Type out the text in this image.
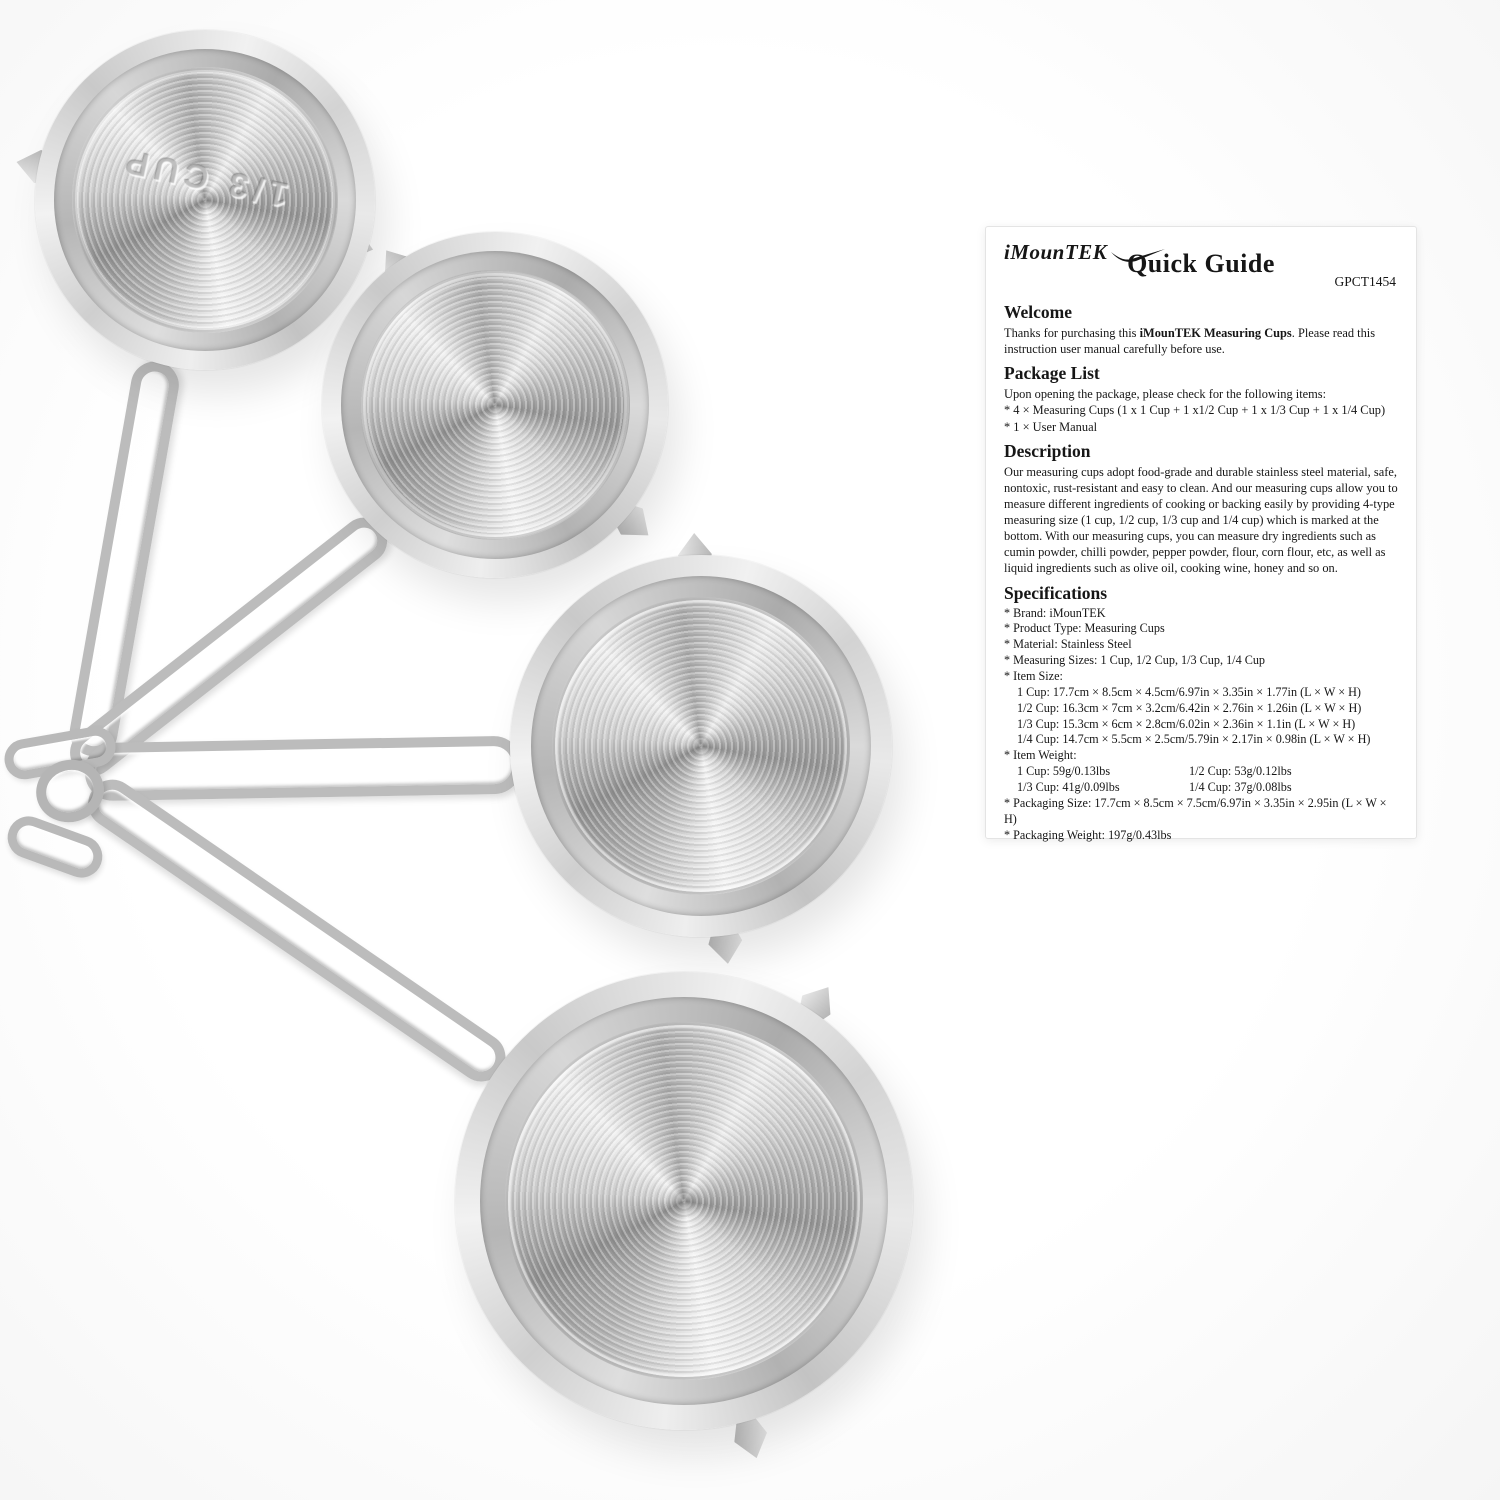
1/3 CUP
iMounTEK Quick Guide
GPCT1454
Welcome
Thanks for purchasing this iMounTEK Measuring Cups. Please read this instruction user manual carefully before use.
Package List
Upon opening the package, please check for the following items:
* 4 × Measuring Cups (1 x 1 Cup + 1 x1/2 Cup + 1 x 1/3 Cup + 1 x 1/4 Cup)
* 1 × User Manual
Description
Our measuring cups adopt food-grade and durable stainless steel material, safe, nontoxic, rust-resistant and easy to clean. And our measuring cups allow you to measure different ingredients of cooking or backing easily by providing 4-type measuring size (1 cup, 1/2 cup, 1/3 cup and 1/4 cup) which is marked at the bottom. With our measuring cups, you can measure dry ingredients such as cumin powder, chilli powder, pepper powder, flour, corn flour, etc, as well as liquid ingredients such as olive oil, cooking wine, honey and so on.
Specifications
* Brand: iMounTEK
* Product Type: Measuring Cups
* Material: Stainless Steel
* Measuring Sizes: 1 Cup, 1/2 Cup, 1/3 Cup, 1/4 Cup
* Item Size:
1 Cup: 17.7cm × 8.5cm × 4.5cm/6.97in × 3.35in × 1.77in (L × W × H)
1/2 Cup: 16.3cm × 7cm × 3.2cm/6.42in × 2.76in × 1.26in (L × W × H)
1/3 Cup: 15.3cm × 6cm × 2.8cm/6.02in × 2.36in × 1.1in (L × W × H)
1/4 Cup: 14.7cm × 5.5cm × 2.5cm/5.79in × 2.17in × 0.98in (L × W × H)
* Item Weight:
1 Cup: 59g/0.13lbs	1/2 Cup: 53g/0.12lbs
1/3 Cup: 41g/0.09lbs	1/4 Cup: 37g/0.08lbs
* Packaging Size: 17.7cm × 8.5cm × 7.5cm/6.97in × 3.35in × 2.95in (L × W × H)
* Packaging Weight: 197g/0.43lbs
